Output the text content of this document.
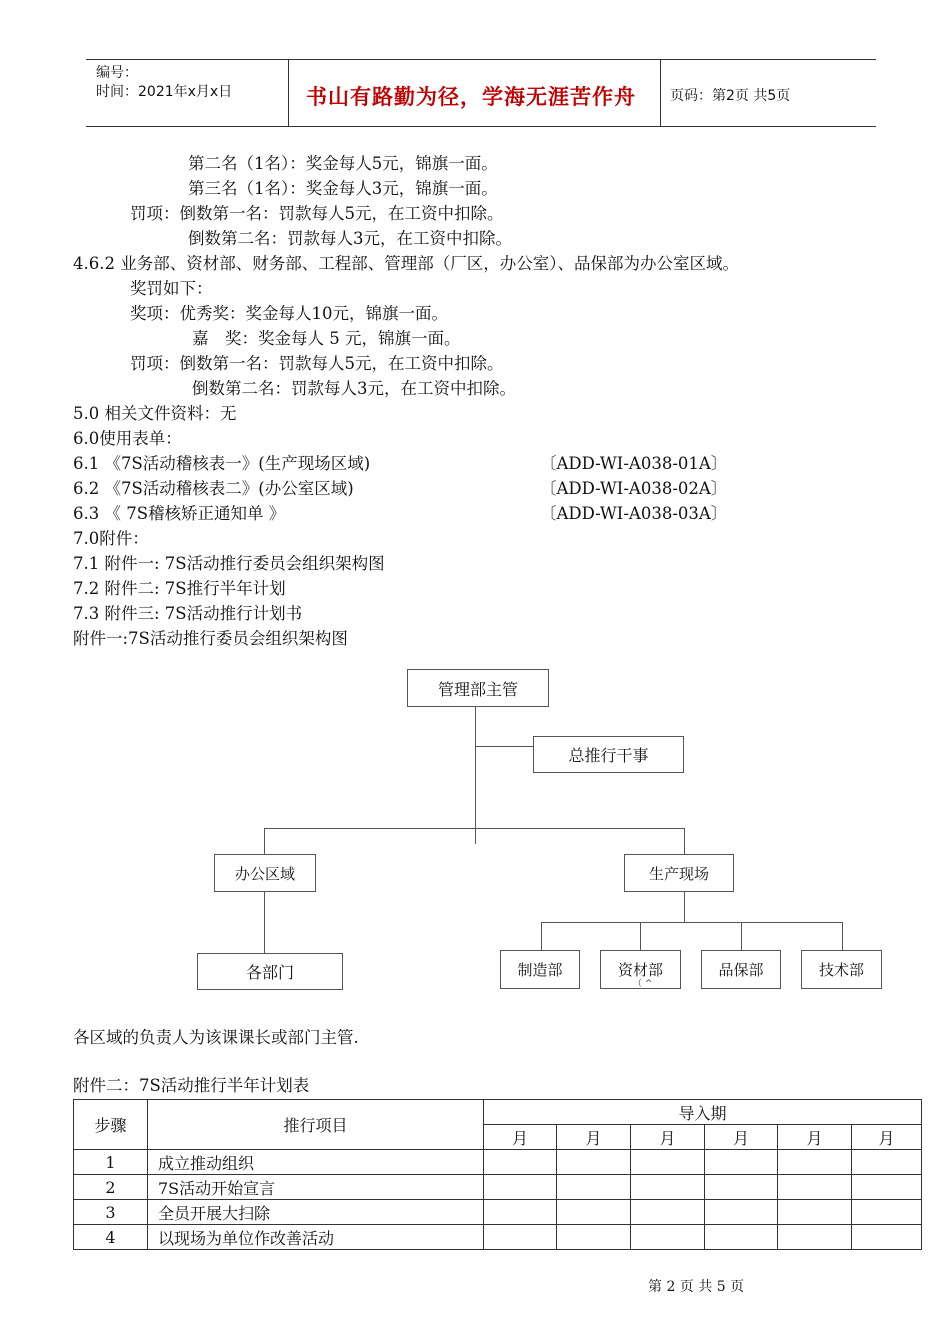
编号：
时间：2021年x月x日	书山有路勤为径，学海无涯苦作舟 页码：第2页 共5页
第二名（1名）：奖金每人5元，锦旗一面。
第三名（1名）：奖金每人3元，锦旗一面。
罚项：倒数第一名：罚款每人5元，在工资中扣除。
倒数第二名：罚款每人3元，在工资中扣除。
4.6.2 业务部、资材部、财务部、工程部、管理部（厂区，办公室）、品保部为办公室区域。
奖罚如下：
奖项：优秀奖：奖金每人10元，锦旗一面。
嘉　奖：奖金每人 5 元，锦旗一面。
罚项：倒数第一名：罚款每人5元，在工资中扣除。
倒数第二名：罚款每人3元，在工资中扣除。
5.0 相关文件资料：无
6.0使用表单：
6.1 《7S活动稽核表一》(生产现场区域)	〔ADD-WI-A038-01A〕
6.2 《7S活动稽核表二》(办公室区域)	〔ADD-WI-A038-02A〕
6.3 《 7S稽核矫正通知单 》	〔ADD-WI-A038-03A〕
7.0附件：
7.1 附件一: 7S活动推行委员会组织架构图
7.2 附件二: 7S推行半年计划
7.3 附件三: 7S活动推行计划书
附件一:7S活动推行委员会组织架构图
管理部主管
总推行干事
办公区域	生产现场
各部门	制造部	资材部	品保部	技术部
（ ^
各区域的负责人为该课课长或部门主管.
附件二：7S活动推行半年计划表
步骤	推行项目	导入期					
		月	月	月	月	月	月
1	成立推动组织						
2	7S活动开始宣言						
3	全员开展大扫除						
4	以现场为单位作改善活动						
第 2 页 共 5 页
